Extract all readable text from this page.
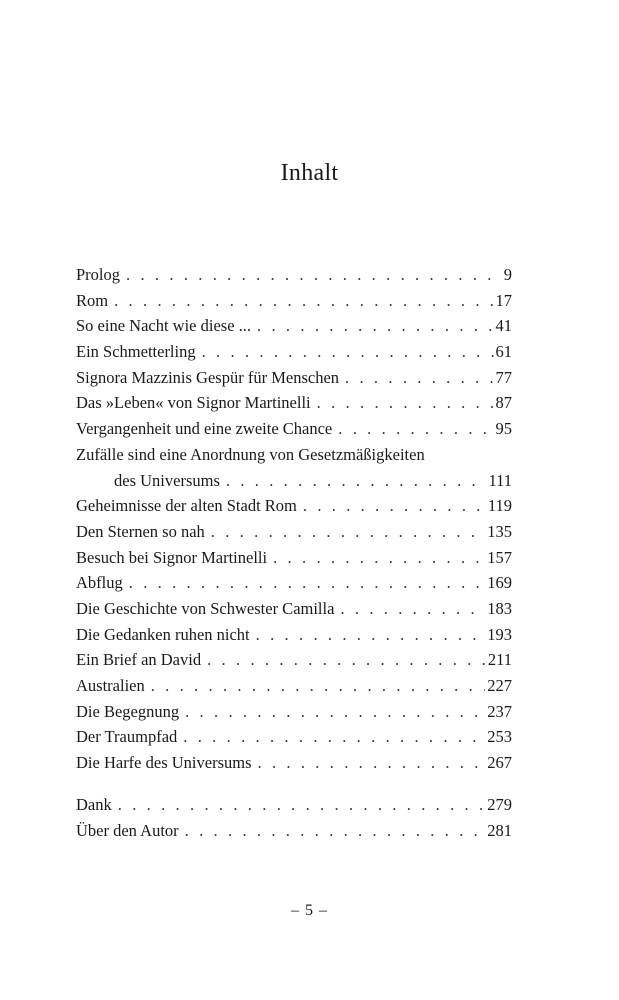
Inhalt
Prolog . . .	9
Rom . . .	17
So eine Nacht wie diese ... . . .	41
Ein Schmetterling . . .	61
Signora Mazzinis Gespür für Menschen . . .	77
Das »Leben« von Signor Martinelli . . .	87
Vergangenheit und eine zweite Chance . . .	95
Zufälle sind eine Anordnung von Gesetzmäßigkeiten
des Universums . . .	111
Geheimnisse der alten Stadt Rom . . .	119
Den Sternen so nah . . .	135
Besuch bei Signor Martinelli . . .	157
Abflug . . .	169
Die Geschichte von Schwester Camilla . . .	183
Die Gedanken ruhen nicht . . .	193
Ein Brief an David . . .	211
Australien . . .	227
Die Begegnung . . .	237
Der Traumpfad . . .	253
Die Harfe des Universums . . .	267
Dank . . .	279
Über den Autor . . .	281
– 5 –
